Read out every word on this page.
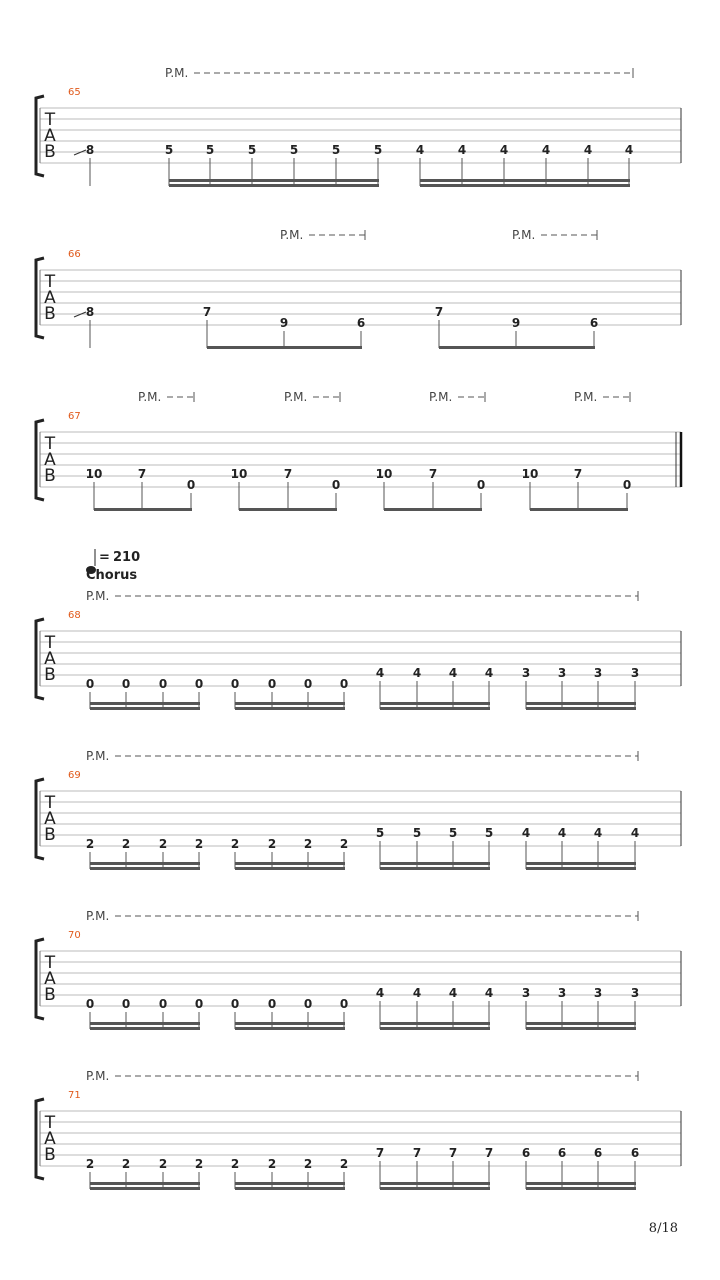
P.M.
65
T
A
B 8	5	5	5	5	5	5	4	4	4	4	4	4
P.M.	P.M.
66
T
A
B 8	7
9	6
7
9	6
P.M.	P.M.	P.M.	P.M.
67
T
A
B 10	7
0
10	7
0
10	7
0
10	7
0
P.M.
68
T
A
B 0 0 0 0 0 0 0 0
4 4 4 4 3 3 3 3
P.M.
69
T
A
B 2 2 2 2 2 2 2 2
5 5 5 5 4 4 4 4
P.M.
70
T
A
B 0 0 0 0 0 0 0 0
4 4 4 4 3 3 3 3
P.M.
71
T
A
B 2 2 2 2 2 2 2 2
7 7 7 7 6 6 6 6
= 210
Chorus
8/18
